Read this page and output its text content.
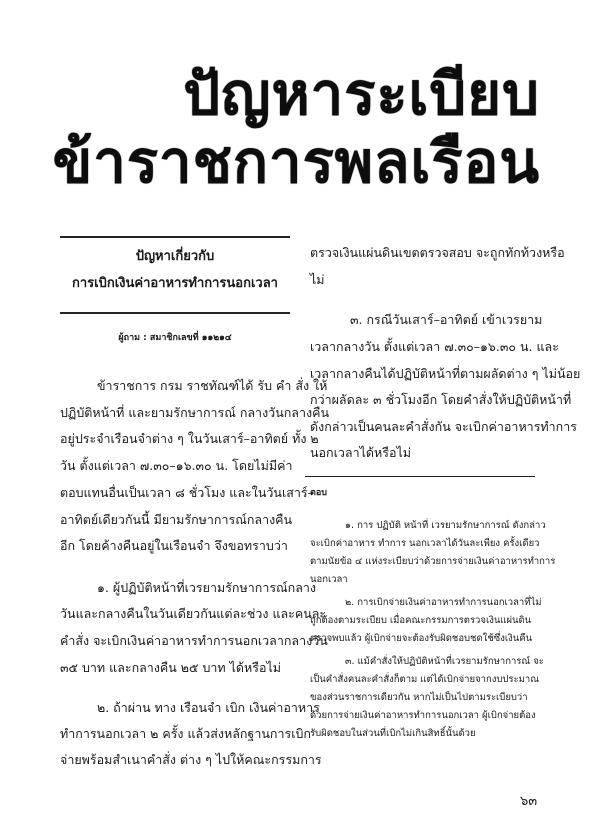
ปัญหาระเบียบ
ข้าราชการพลเรือน
ปัญหาเกี่ยวกับ
การเบิกเงินค่าอาหารทำการนอกเวลา
ผู้ถาม : สมาชิกเลขที่ ๑๑๒๑๔
ข้าราชการ กรม ราชทัณฑ์ได้ รับ คำ สั่ง ให้
ปฏิบัติหน้าที่ และยามรักษาการณ์ กลางวันกลางคืน
อยู่ประจำเรือนจำต่าง ๆ ในวันเสาร์–อาทิตย์ ทั้ง ๒
วัน ตั้งแต่เวลา ๗.๓๐–๑๖.๓๐ น. โดยไม่มีค่า
ตอบแทนอื่นเป็นเวลา ๘ ชั่วโมง และในวันเสาร์–
อาทิตย์เดียวกันนี้ มียามรักษาการณ์กลางคืน
อีก โดยค้างคืนอยู่ในเรือนจำ จึงขอทราบว่า
๑. ผู้ปฏิบัติหน้าที่เวรยามรักษาการณ์กลาง
วันและกลางคืนในวันเดียวกันแต่ละช่วง และคนละ
คำสั่ง จะเบิกเงินค่าอาหารทำการนอกเวลากลางวัน
๓๕ บาท และกลางคืน ๒๕ บาท ได้หรือไม่
๒. ถ้าผ่าน ทาง เรือนจำ เบิก เงินค่าอาหาร
ทำการนอกเวลา ๒ ครั้ง แล้วส่งหลักฐานการเบิก
จ่ายพร้อมสำเนาคำสั่ง ต่าง ๆ ไปให้คณะกรรมการ
ตรวจเงินแผ่นดินเขตตรวจสอบ จะถูกทักท้วงหรือ
ไม่
๓. กรณีวันเสาร์–อาทิตย์ เข้าเวรยาม
เวลากลางวัน ตั้งแต่เวลา ๗.๓๐–๑๖.๓๐ น. และ
เวลากลางคืนได้ปฏิบัติหน้าที่ตามผลัดต่าง ๆ ไม่น้อย
กว่าผลัดละ ๓ ชั่วโมงอีก โดยคำสั่งให้ปฏิบัติหน้าที่
ดังกล่าวเป็นคนละคำสั่งกัน จะเบิกค่าอาหารทำการ
นอกเวลาได้หรือไม่
ตอบ
๑. การ ปฏิบัติ หน้าที่ เวรยามรักษาการณ์ ดังกล่าว
จะเบิกค่าอาหาร ทำการ นอกเวลาได้วันละเพียง ครั้งเดียว
ตามนัยข้อ ๔ แห่งระเบียบว่าด้วยการจ่ายเงินค่าอาหารทำการ
นอกเวลา
๒. การเบิกจ่ายเงินค่าอาหารทำการนอกเวลาที่ไม่
ถูกต้องตามระเบียบ เมื่อคณะกรรมการตรวจเงินแผ่นดิน
ตรวจพบแล้ว ผู้เบิกจ่ายจะต้องรับผิดชอบชดใช้ซึ่งเงินคืน
๓. แม้คำสั่งให้ปฏิบัติหน้าที่เวรยามรักษาการณ์ จะ
เป็นคำสั่งคนละคำสั่งก็ตาม แต่ได้เบิกจ่ายจากงบประมาณ
ของส่วนราชการเดียวกัน หากไม่เป็นไปตามระเบียบว่า
ด้วยการจ่ายเงินค่าอาหารทำการนอกเวลา ผู้เบิกจ่ายต้อง
รับผิดชอบในส่วนที่เบิกไม่เกินสิทธิ์นั้นด้วย
๖๓
